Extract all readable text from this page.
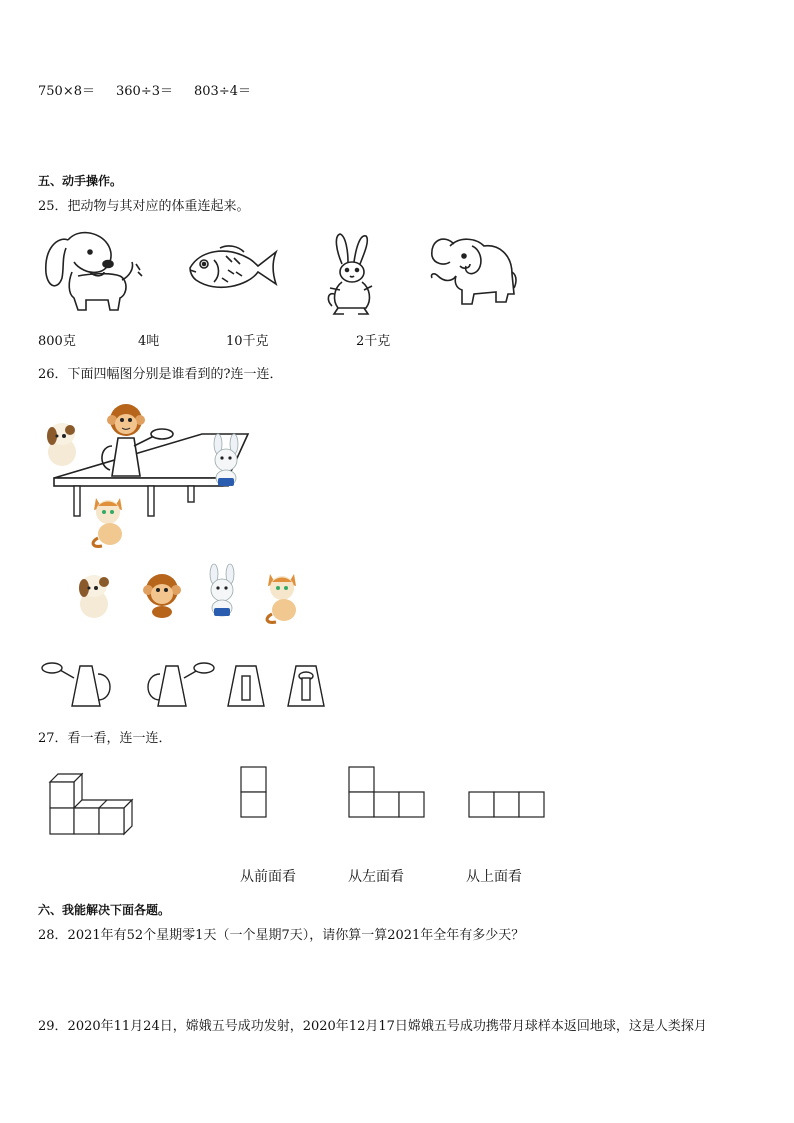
750×8＝ 360÷3＝ 803÷4＝
五、动手操作。
25．把动物与其对应的体重连起来。
800克	4吨	10千克	2千克
26．下面四幅图分别是谁看到的?连一连．
27．看一看，连一连．
从前面看	从左面看	从上面看
六、我能解决下面各题。
28．2021年有52个星期零1天（一个星期7天），请你算一算2021年全年有多少天？
29．2020年11月24日，嫦娥五号成功发射，2020年12月17日嫦娥五号成功携带月球样本返回地球，这是人类探月
